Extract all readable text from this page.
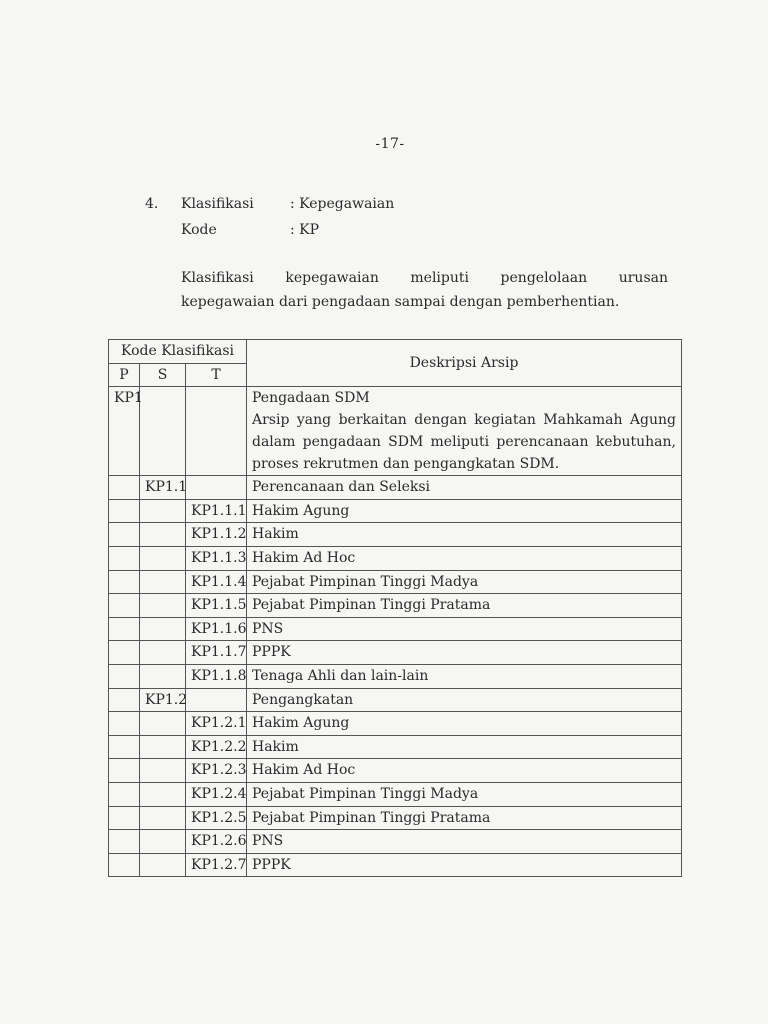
-17-
4. Klasifikasi	: Kepegawaian
Kode	: KP
Klasifikasi kepegawaian meliputi pengelolaan urusan
kepegawaian dari pengadaan sampai dengan pemberhentian.
Kode Klasifikasi			Deskripsi Arsip
P	S	T	
KP1			Pengadaan SDM
Arsip yang berkaitan dengan kegiatan Mahkamah Agung dalam pengadaan SDM meliputi perencanaan kebutuhan, proses rekrutmen dan pengangkatan SDM.

	KP1.1		Perencanaan dan Seleksi
		KP1.1.1	Hakim Agung
		KP1.1.2	Hakim
		KP1.1.3	Hakim Ad Hoc
		KP1.1.4	Pejabat Pimpinan Tinggi Madya
		KP1.1.5	Pejabat Pimpinan Tinggi Pratama
		KP1.1.6	PNS
		KP1.1.7	PPPK
		KP1.1.8	Tenaga Ahli dan lain-lain
	KP1.2		Pengangkatan
		KP1.2.1	Hakim Agung
		KP1.2.2	Hakim
		KP1.2.3	Hakim Ad Hoc
		KP1.2.4	Pejabat Pimpinan Tinggi Madya
		KP1.2.5	Pejabat Pimpinan Tinggi Pratama
		KP1.2.6	PNS
		KP1.2.7	PPPK
